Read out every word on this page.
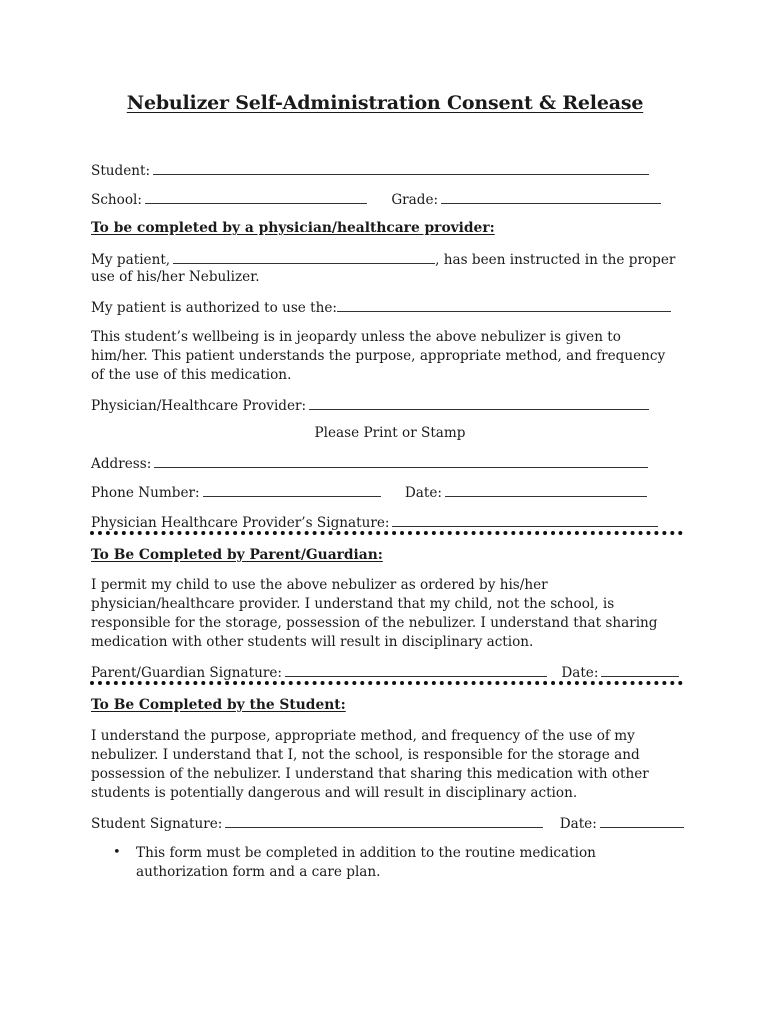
Nebulizer Self-Administration Consent & Release
Student:
School:	Grade:
To be completed by a physician/healthcare provider:
My patient,	, has been instructed in the proper
use of his/her Nebulizer.
My patient is authorized to use the:
This student’s wellbeing is in jeopardy unless the above nebulizer is given to him/her. This patient understands the purpose, appropriate method, and frequency of the use of this medication.
Physician/Healthcare Provider:
Please Print or Stamp
Address:
Phone Number:	Date:
Physician Healthcare Provider’s Signature:
To Be Completed by Parent/Guardian:
I permit my child to use the above nebulizer as ordered by his/her physician/healthcare provider. I understand that my child, not the school, is responsible for the storage, possession of the nebulizer. I understand that sharing medication with other students will result in disciplinary action.
Parent/Guardian Signature:	Date:
To Be Completed by the Student:
I understand the purpose, appropriate method, and frequency of the use of my nebulizer. I understand that I, not the school, is responsible for the storage and possession of the nebulizer. I understand that sharing this medication with other students is potentially dangerous and will result in disciplinary action.
Student Signature:	Date:
• This form must be completed in addition to the routine medication authorization form and a care plan.
